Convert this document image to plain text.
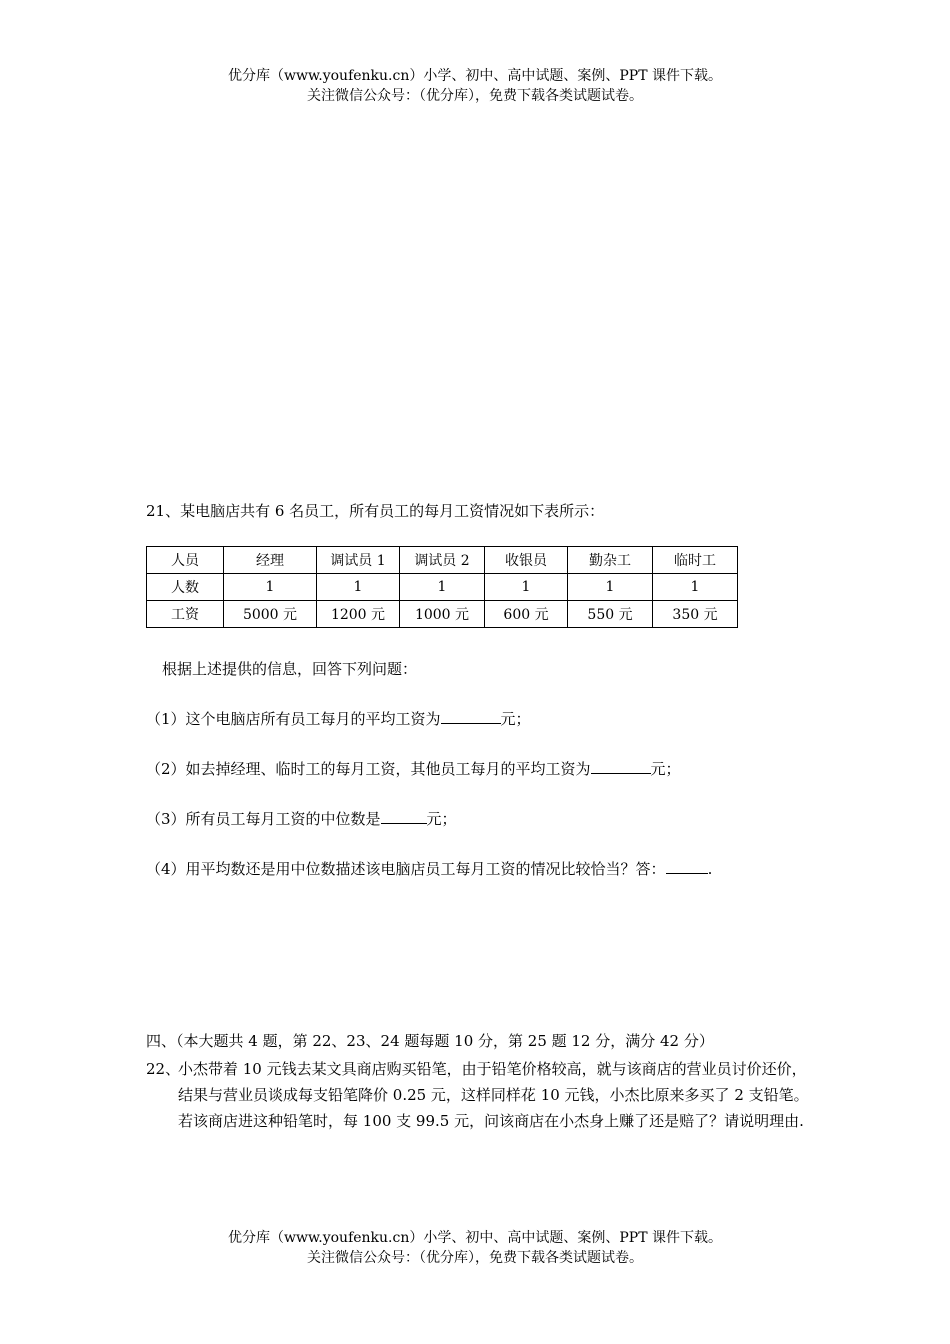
优分库（www.youfenku.cn）小学、初中、高中试题、案例、PPT 课件下载。
关注微信公众号：（优分库），免费下载各类试题试卷。
21、某电脑店共有 6 名员工，所有员工的每月工资情况如下表所示：
人员	经理	调试员 1	调试员 2	收银员	勤杂工	临时工
人数	1	1	1	1	1	1
工资	5000 元	1200 元	1000 元	600 元	550 元	350 元
根据上述提供的信息，回答下列问题：
（1）这个电脑店所有员工每月的平均工资为	元；
（2）如去掉经理、临时工的每月工资，其他员工每月的平均工资为	元；
（3）所有员工每月工资的中位数是	元；
（4）用平均数还是用中位数描述该电脑店员工每月工资的情况比较恰当？答：	.
四、（本大题共 4 题，第 22、23、24 题每题 10 分，第 25 题 12 分，满分 42 分）
22、
小杰带着 10 元钱去某文具商店购买铅笔，由于铅笔价格较高，就与该商店的营业员讨价还价，结果与营业员谈成每支铅笔降价 0.25 元，这样同样花 10 元钱，小杰比原来多买了 2 支铅笔。若该商店进这种铅笔时，每 100 支 99.5 元，问该商店在小杰身上赚了还是赔了？请说明理由.
优分库（www.youfenku.cn）小学、初中、高中试题、案例、PPT 课件下载。
关注微信公众号：（优分库），免费下载各类试题试卷。
